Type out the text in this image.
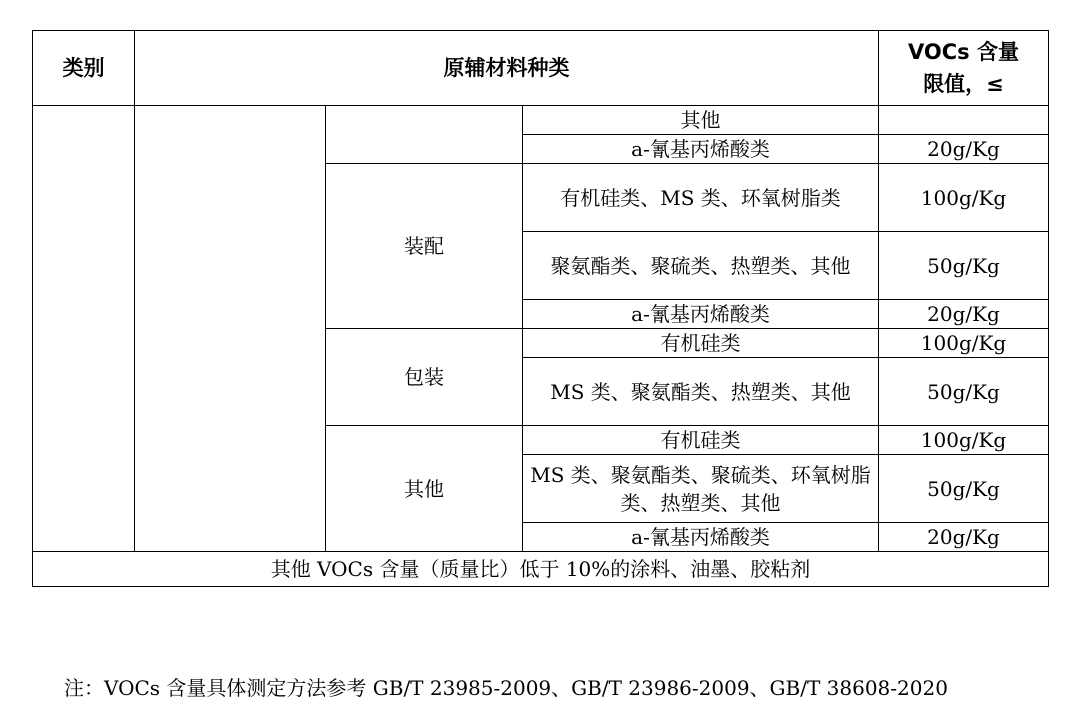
类别	原辅材料种类			VOCs 含量
限值，≤
			其他	
			a-氰基丙烯酸类	20g/Kg
		装配	有机硅类、MS 类、环氧树脂类	100g/Kg
			聚氨酯类、聚硫类、热塑类、其他	50g/Kg
			a-氰基丙烯酸类	20g/Kg
		包装	有机硅类	100g/Kg
			MS 类、聚氨酯类、热塑类、其他	50g/Kg
		其他	有机硅类	100g/Kg
			MS 类、聚氨酯类、聚硫类、环氧树脂类、热塑类、其他	50g/Kg
			a-氰基丙烯酸类	20g/Kg
其他 VOCs 含量（质量比）低于 10%的涂料、油墨、胶粘剂				
注：VOCs 含量具体测定方法参考 GB/T 23985-2009、GB/T 23986-2009、GB/T 38608-2020
